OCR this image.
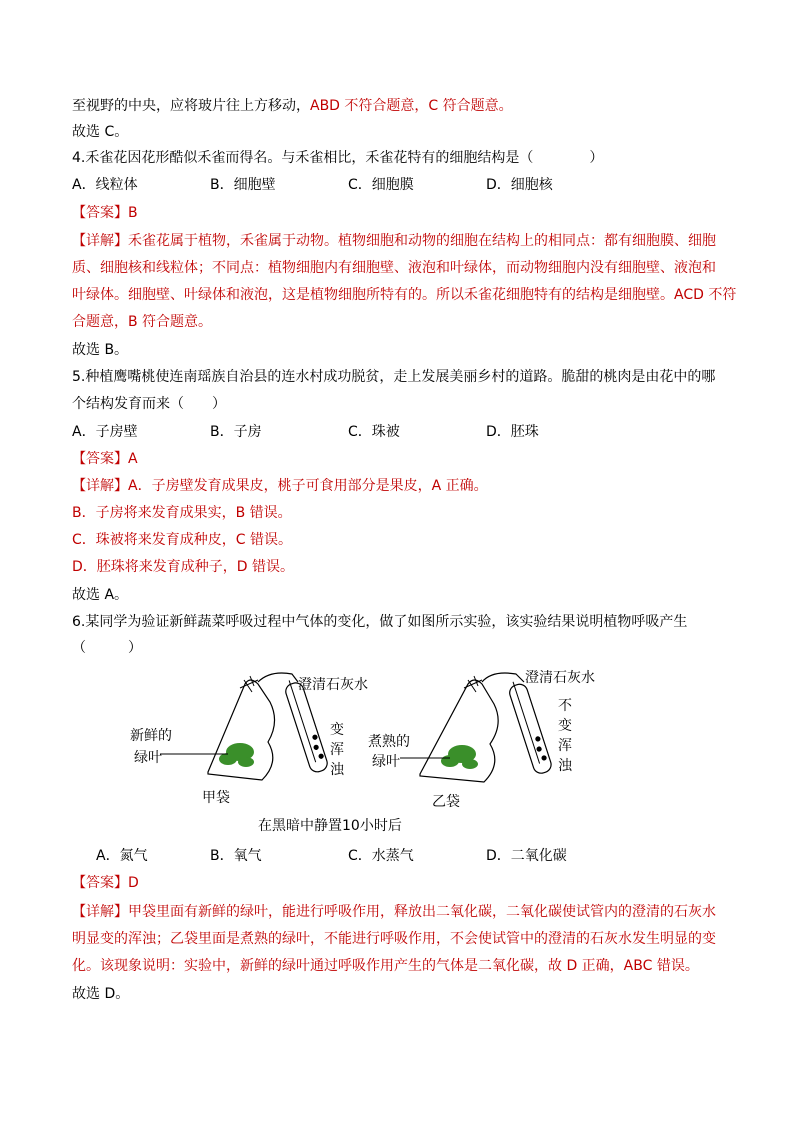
至视野的中央，应将玻片往上方移动，ABD 不符合题意，C 符合题意。
故选 C。
4.禾雀花因花形酷似禾雀而得名。与禾雀相比，禾雀花特有的细胞结构是（　　　　）
A．线粒体	B．细胞壁	C．细胞膜	D．细胞核
【答案】B
【详解】禾雀花属于植物，禾雀属于动物。植物细胞和动物的细胞在结构上的相同点：都有细胞膜、细胞
质、细胞核和线粒体；不同点：植物细胞内有细胞壁、液泡和叶绿体，而动物细胞内没有细胞壁、液泡和
叶绿体。细胞壁、叶绿体和液泡，这是植物细胞所特有的。所以禾雀花细胞特有的结构是细胞壁。ACD 不符
合题意，B 符合题意。
故选 B。
5.种植鹰嘴桃使连南瑶族自治县的连水村成功脱贫，走上发展美丽乡村的道路。脆甜的桃肉是由花中的哪
个结构发育而来（　　）
A．子房壁	B．子房	C．珠被	D．胚珠
【答案】A
【详解】A．子房壁发育成果皮，桃子可食用部分是果皮，A 正确。
B．子房将来发育成果实，B 错误。
C．珠被将来发育成种皮，C 错误。
D．胚珠将来发育成种子，D 错误。
故选 A。
6.某同学为验证新鲜蔬菜呼吸过程中气体的变化，做了如图所示实验，该实验结果说明植物呼吸产生
（　　　）
新鲜的
绿叶
澄清石灰水
变
浑
浊
甲袋
煮熟的
绿叶
澄清石灰水
不
变
浑
浊
乙袋
在黑暗中静置10小时后
A．氮气	B．氧气	C．水蒸气	D．二氧化碳
【答案】D
【详解】甲袋里面有新鲜的绿叶，能进行呼吸作用，释放出二氧化碳，二氧化碳使试管内的澄清的石灰水
明显变的浑浊；乙袋里面是煮熟的绿叶，不能进行呼吸作用，不会使试管中的澄清的石灰水发生明显的变
化。该现象说明：实验中，新鲜的绿叶通过呼吸作用产生的气体是二氧化碳，故 D 正确，ABC 错误。
故选 D。
